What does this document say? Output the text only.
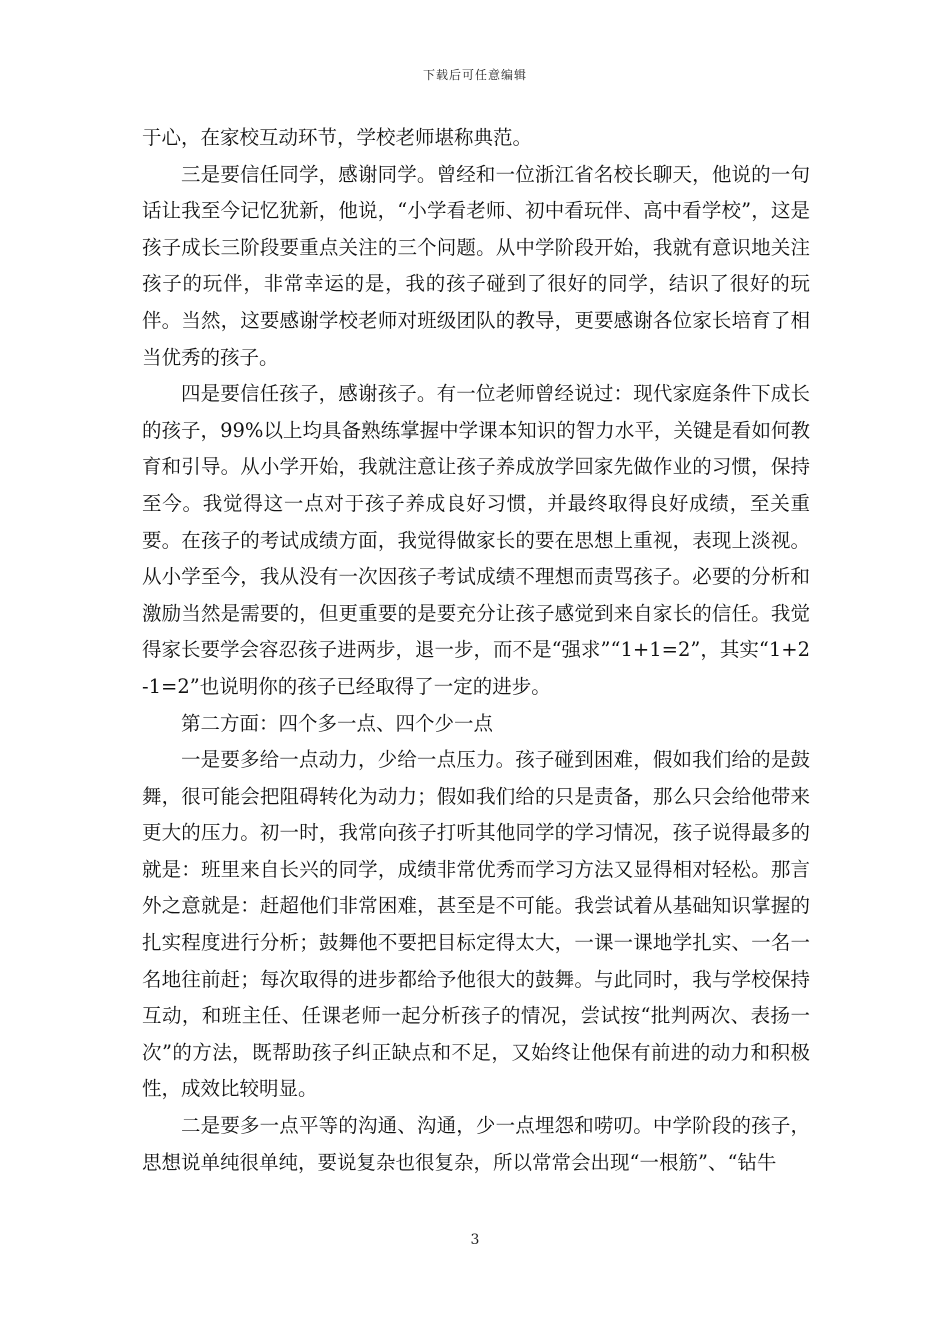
下载后可任意编辑

于心，在家校互动环节，学校老师堪称典范。

三是要信任同学，感谢同学。曾经和一位浙江省名校长聊天，他说的一句话让我至今记忆犹新，他说，“小学看老师、初中看玩伴、高中看学校”，这是孩子成长三阶段要重点关注的三个问题。从中学阶段开始，我就有意识地关注孩子的玩伴，非常幸运的是，我的孩子碰到了很好的同学，结识了很好的玩伴。当然，这要感谢学校老师对班级团队的教导，更要感谢各位家长培育了相当优秀的孩子。

四是要信任孩子，感谢孩子。有一位老师曾经说过：现代家庭条件下成长的孩子，99%以上均具备熟练掌握中学课本知识的智力水平，关键是看如何教育和引导。从小学开始，我就注意让孩子养成放学回家先做作业的习惯，保持至今。我觉得这一点对于孩子养成良好习惯，并最终取得良好成绩，至关重要。在孩子的考试成绩方面，我觉得做家长的要在思想上重视，表现上淡视。从小学至今，我从没有一次因孩子考试成绩不理想而责骂孩子。必要的分析和激励当然是需要的，但更重要的是要充分让孩子感觉到来自家长的信任。我觉得家长要学会容忍孩子进两步，退一步，而不是“强求”“1+1=2”，其实“1+2-1=2”也说明你的孩子已经取得了一定的进步。

第二方面：四个多一点、四个少一点

一是要多给一点动力，少给一点压力。孩子碰到困难，假如我们给的是鼓舞，很可能会把阻碍转化为动力；假如我们给的只是责备，那么只会给他带来更大的压力。初一时，我常向孩子打听其他同学的学习情况，孩子说得最多的就是：班里来自长兴的同学，成绩非常优秀而学习方法又显得相对轻松。那言外之意就是：赶超他们非常困难，甚至是不可能。我尝试着从基础知识掌握的扎实程度进行分析；鼓舞他不要把目标定得太大，一课一课地学扎实、一名一名地往前赶；每次取得的进步都给予他很大的鼓舞。与此同时，我与学校保持互动，和班主任、任课老师一起分析孩子的情况，尝试按“批判两次、表扬一次”的方法，既帮助孩子纠正缺点和不足，又始终让他保有前进的动力和积极性，成效比较明显。

二是要多一点平等的沟通、沟通，少一点埋怨和唠叨。中学阶段的孩子，思想说单纯很单纯，要说复杂也很复杂，所以常常会出现“一根筋”、“钻牛

3
